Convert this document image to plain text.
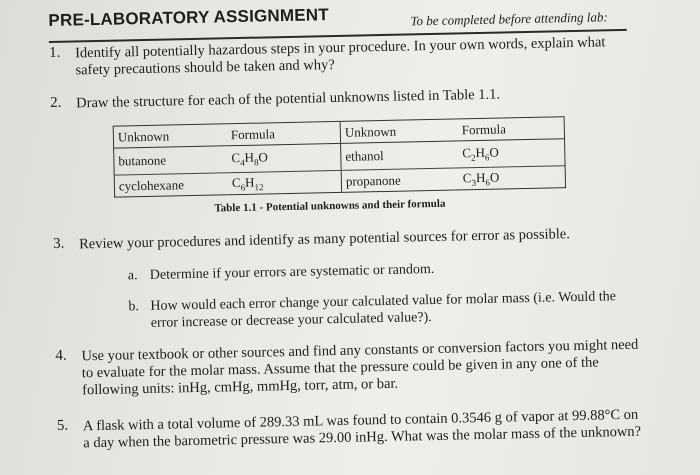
PRE-LABORATORY ASSIGNMENT	To be completed before attending lab:
1. Identify all potentially hazardous steps in your procedure. In your own words, explain what safety precautions should be taken and why?
2. Draw the structure for each of the potential unknowns listed in Table 1.1.
Unknown	Formula	Unknown	Formula
butanone	$C_4H_8O$	ethanol	$C_2H_6O$
cyclohexane	$C_6H_{12}$	propanone	$C_3H_6O$
Table 1.1 - Potential unknowns and their formula
3. Review your procedures and identify as many potential sources for error as possible.
a. Determine if your errors are systematic or random.
b. How would each error change your calculated value for molar mass (i.e. Would the error increase or decrease your calculated value?).
4. Use your textbook or other sources and find any constants or conversion factors you might need to evaluate for the molar mass. Assume that the pressure could be given in any one of the following units: inHg, cmHg, mmHg, torr, atm, or bar.
5. A flask with a total volume of 289.33 mL was found to contain 0.3546 g of vapor at 99.88°C on a day when the barometric pressure was 29.00 inHg. What was the molar mass of the unknown?
